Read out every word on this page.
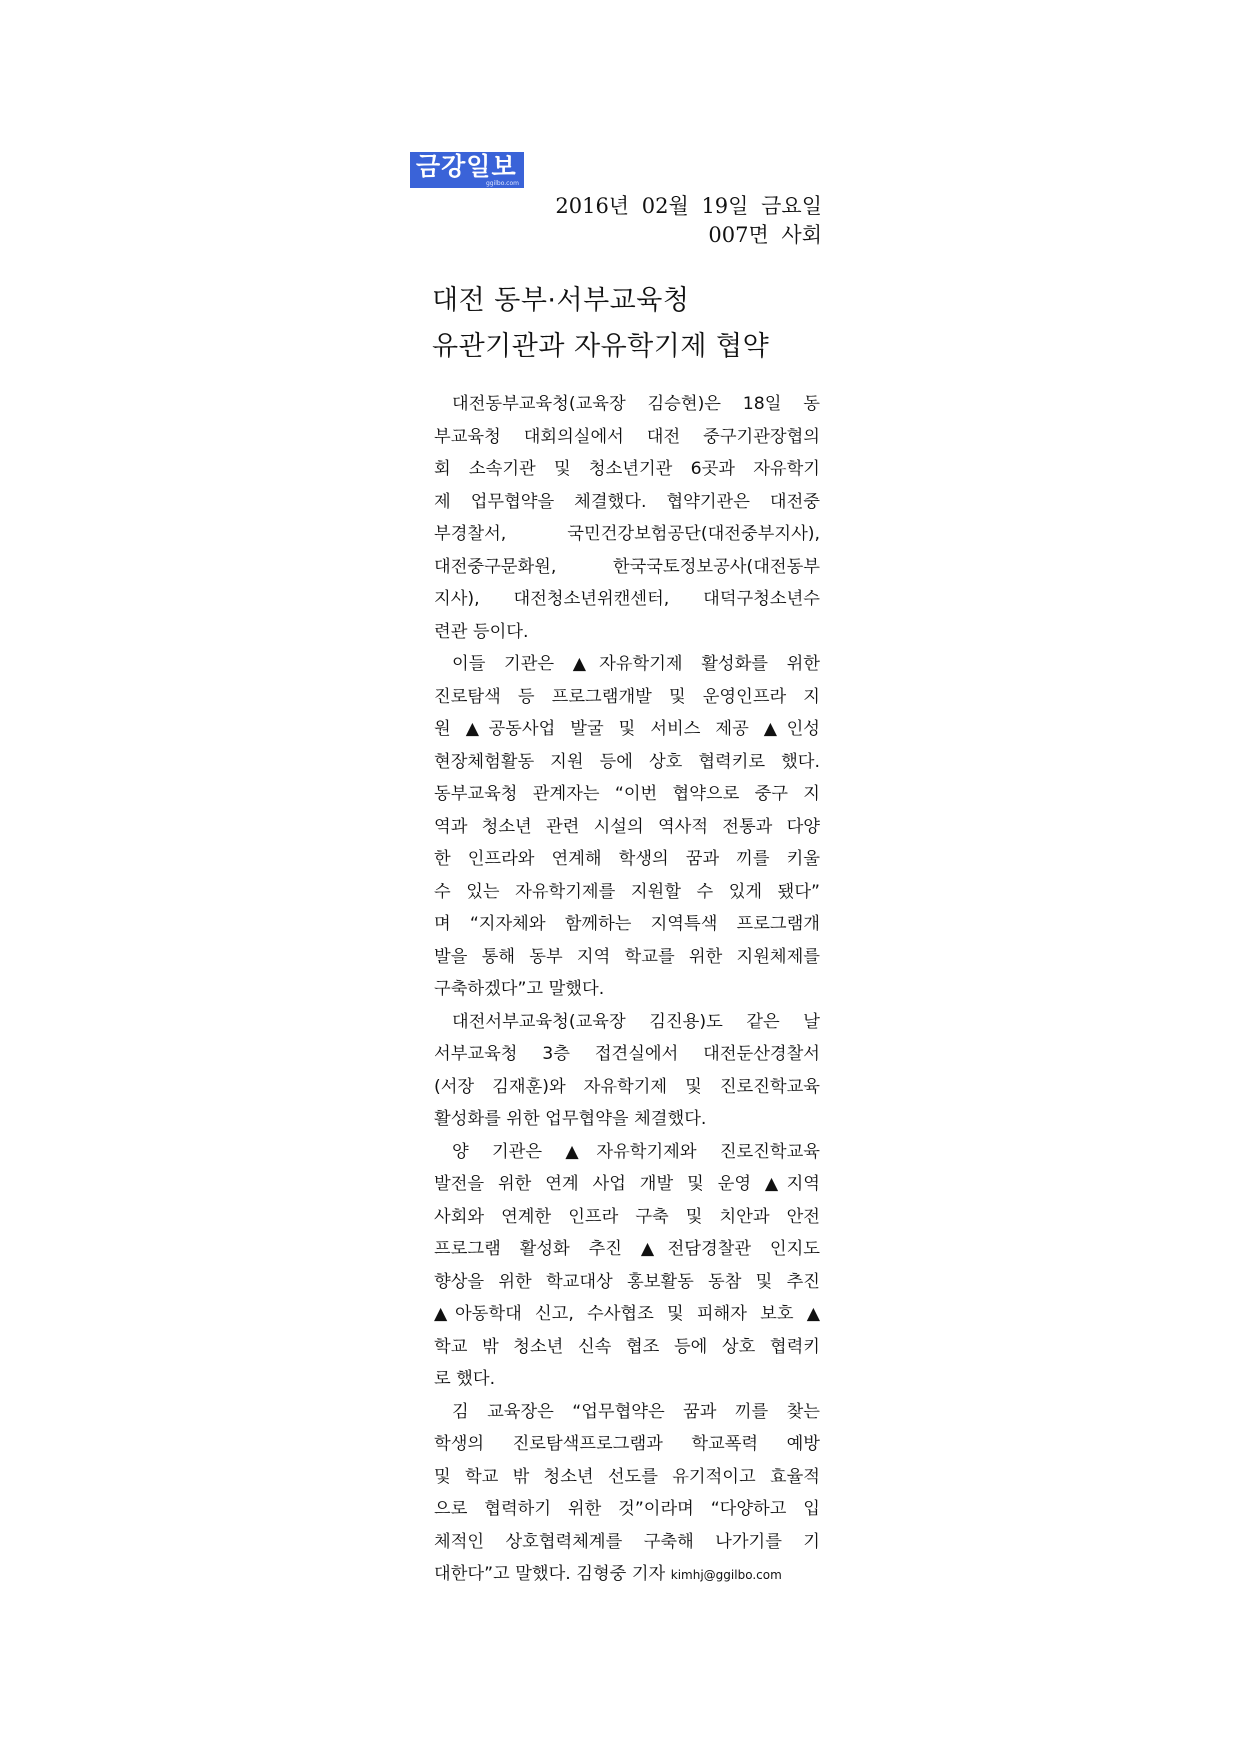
금강일보
ggilbo.com
2016년 02월 19일 금요일
007면 사회
대전 동부·서부교육청
유관기관과 자유학기제 협약
대전동부교육청(교육장 김승현)은 18일 동
부교육청 대회의실에서 대전 중구기관장협의
회 소속기관 및 청소년기관 6곳과 자유학기
제 업무협약을 체결했다. 협약기관은 대전중
부경찰서, 국민건강보험공단(대전중부지사),
대전중구문화원, 한국국토정보공사(대전동부
지사), 대전청소년위캔센터, 대덕구청소년수
련관 등이다.
이들 기관은 ▲자유학기제 활성화를 위한
진로탐색 등 프로그램개발 및 운영인프라 지
원 ▲공동사업 발굴 및 서비스 제공 ▲인성
현장체험활동 지원 등에 상호 협력키로 했다.
동부교육청 관계자는 “이번 협약으로 중구 지
역과 청소년 관련 시설의 역사적 전통과 다양
한 인프라와 연계해 학생의 꿈과 끼를 키울
수 있는 자유학기제를 지원할 수 있게 됐다”
며 “지자체와 함께하는 지역특색 프로그램개
발을 통해 동부 지역 학교를 위한 지원체제를
구축하겠다”고 말했다.
대전서부교육청(교육장 김진용)도 같은 날
서부교육청 3층 접견실에서 대전둔산경찰서
(서장 김재훈)와 자유학기제 및 진로진학교육
활성화를 위한 업무협약을 체결했다.
양 기관은 ▲자유학기제와 진로진학교육
발전을 위한 연계 사업 개발 및 운영 ▲지역
사회와 연계한 인프라 구축 및 치안과 안전
프로그램 활성화 추진 ▲전담경찰관 인지도
향상을 위한 학교대상 홍보활동 동참 및 추진
▲아동학대 신고, 수사협조 및 피해자 보호 ▲
학교 밖 청소년 신속 협조 등에 상호 협력키
로 했다.
김 교육장은 “업무협약은 꿈과 끼를 찾는
학생의 진로탐색프로그램과 학교폭력 예방
및 학교 밖 청소년 선도를 유기적이고 효율적
으로 협력하기 위한 것”이라며 “다양하고 입
체적인 상호협력체계를 구축해 나가기를 기
대한다”고 말했다. 김형중 기자 kimhj@ggilbo.com
